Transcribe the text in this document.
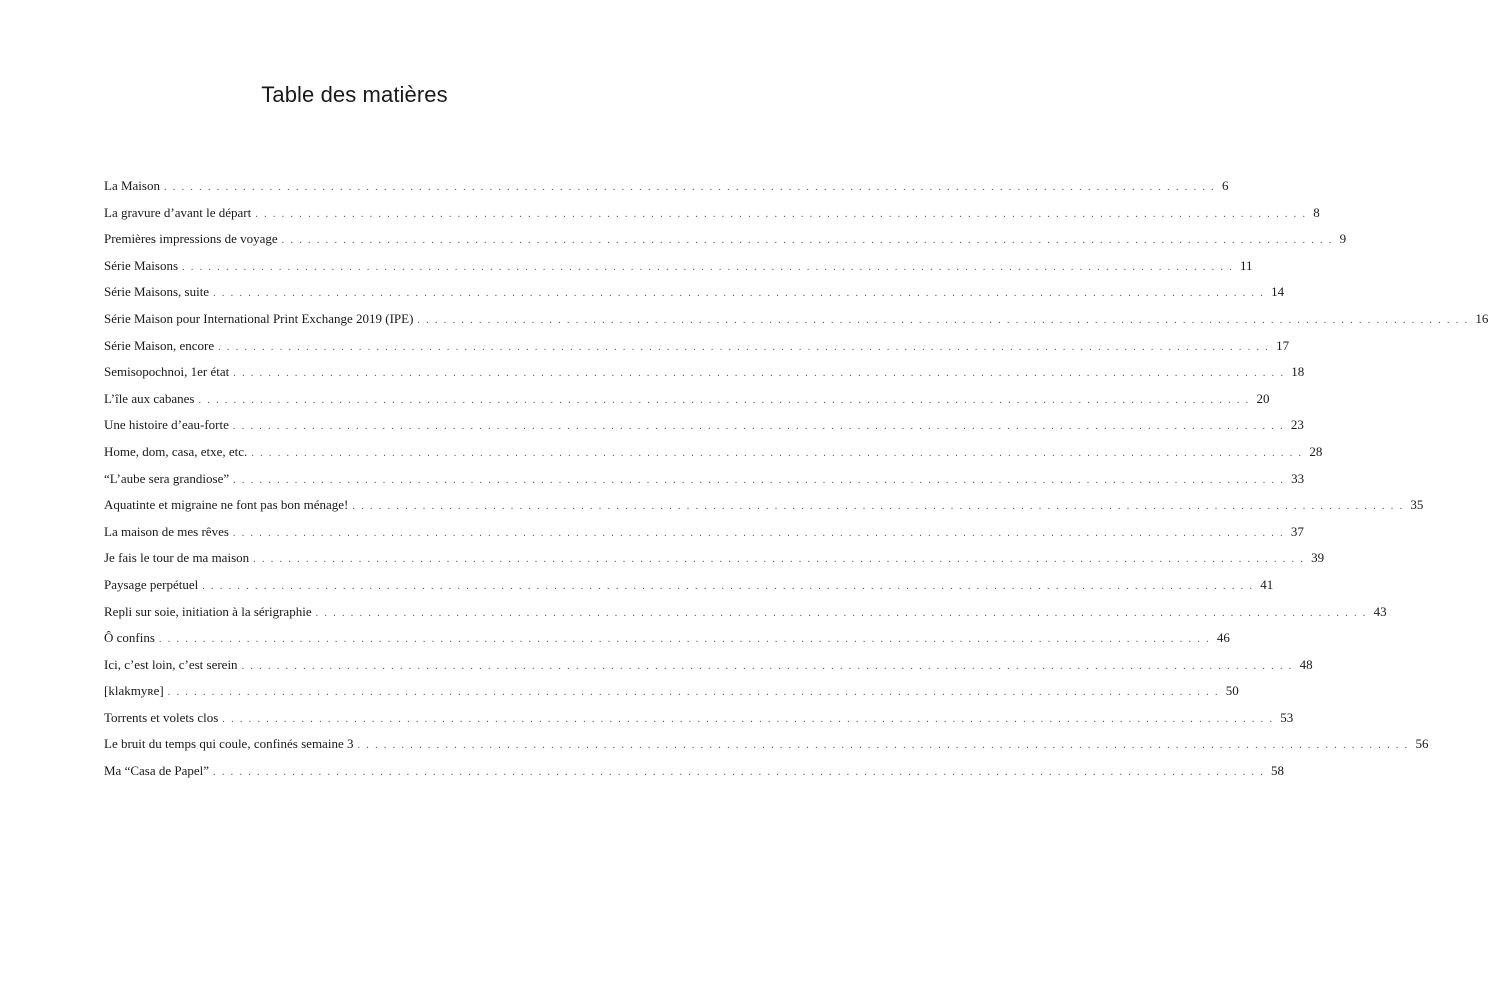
Table des matières
La Maison ........................................................................................................................ 6
La gravure d’avant le départ ........................................................................................................................ 8
Premières impressions de voyage ........................................................................................................................ 9
Série Maisons ........................................................................................................................ 11
Série Maisons, suite ........................................................................................................................ 14
Série Maison pour International Print Exchange 2019 (IPE) ........................................................................................................................ 16
Série Maison, encore ........................................................................................................................ 17
Semisopochnoi, 1er état ........................................................................................................................ 18
L’île aux cabanes ........................................................................................................................ 20
Une histoire d’eau-forte ........................................................................................................................ 23
Home, dom, casa, etxe, etc. ........................................................................................................................ 28
“L’aube sera grandiose” ........................................................................................................................ 33
Aquatinte et migraine ne font pas bon ménage! ........................................................................................................................ 35
La maison de mes rêves ........................................................................................................................ 37
Je fais le tour de ma maison ........................................................................................................................ 39
Paysage perpétuel ........................................................................................................................ 41
Repli sur soie, initiation à la sérigraphie ........................................................................................................................ 43
Ô confins ........................................................................................................................ 46
Ici, c’est loin, c’est serein ........................................................................................................................ 48
[klakmyʀe] ........................................................................................................................ 50
Torrents et volets clos ........................................................................................................................ 53
Le bruit du temps qui coule, confinés semaine 3 ........................................................................................................................ 56
Ma “Casa de Papel” ........................................................................................................................ 58
